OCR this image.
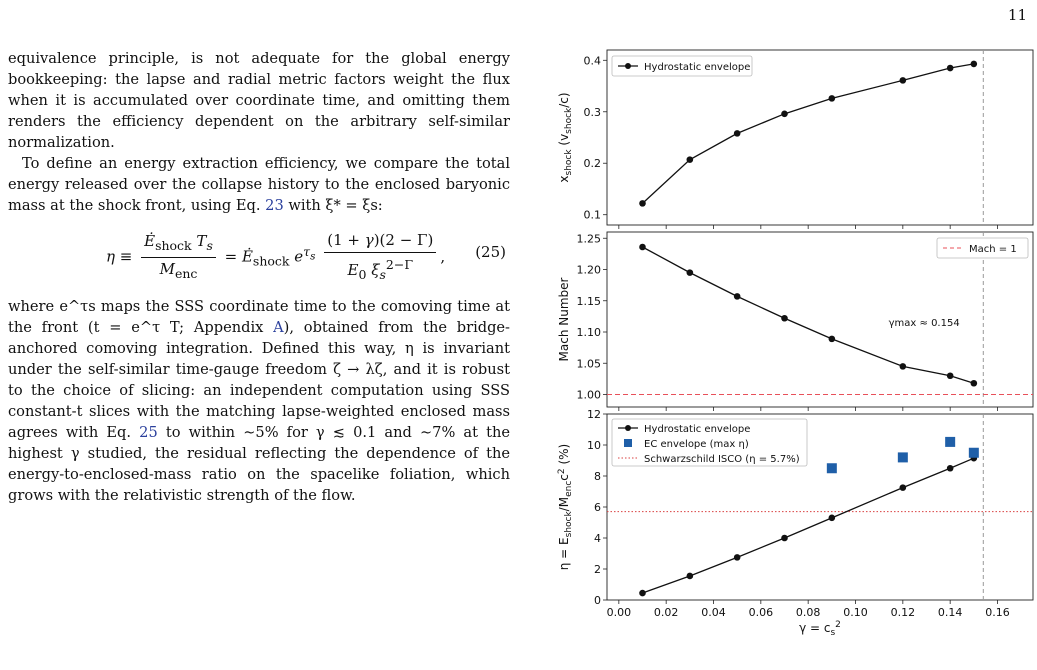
11

equivalence principle, is not adequate for the global energy bookkeeping: the lapse and radial metric factors weight the flux when it is accumulated over coordinate time, and omitting them renders the efficiency dependent on the arbitrary self-similar normalization.

To define an energy extraction efficiency, we compare the total energy released over the collapse history to the enclosed baryonic mass at the shock front, using Eq. 23 with ξ* = ξs:

$\eta \equiv \frac{Ė_{shock} T_s}{M_{enc}}$ = $Ė_{shock}$ $e^{\tau_s} \frac{(1 + \gamma)(2 - \Gamma)}{E_0 \xi_s^{2-\Gamma}}$ , (25)

where e^τs maps the SSS coordinate time to the comoving time at the front (t = e^τ T; Appendix A), obtained from the bridge-anchored comoving integration. Defined this way, η is invariant under the self-similar time-gauge freedom ζ → λζ, and it is robust to the choice of slicing: an independent computation using SSS constant-t slices with the matching lapse-weighted enclosed mass agrees with Eq. 25 to within ∼5% for γ ≲ 0.1 and ∼7% at the highest γ studied, the residual reflecting the dependence of the energy-to-enclosed-mass ratio on the spacelike foliation, which grows with the relativistic strength of the flow.

0.1
0.2
0.3
0.4
1.00
1.05
1.10
1.15
1.20
1.25
0.00 0.02 0.04 0.06 0.08 0.10 0.12 0.14 0.16
0
2
4
6
8
10
12
Hydrostatic envelope
$x_{shock}$ $(v_{shock}/c)$
Mach = 1
γmax ≈ 0.154
Mach Number
Hydrostatic envelope
EC envelope (max η)
Schwarzschild ISCO (η = 5.7%)
$\eta = E_{shock}/M_{enc}c^2$ (%)
$\gamma = c_s^2$
